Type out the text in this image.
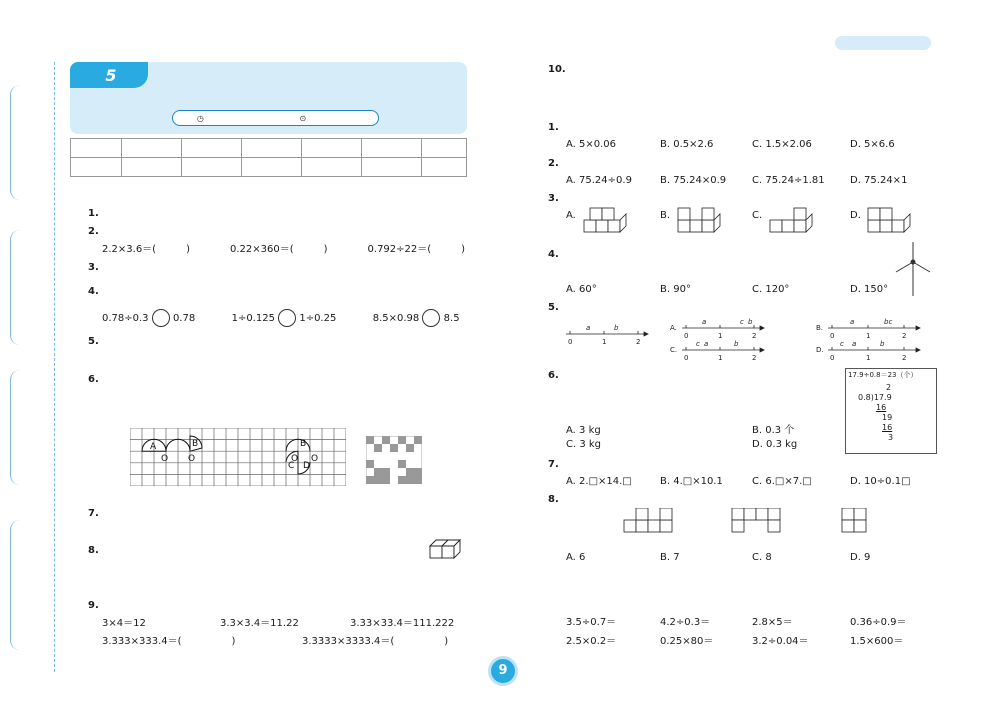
5
◷	⊙

1.
2.
2.2×3.6＝(　　　)　　　　0.22×360＝(　　　)　　　　0.792÷22＝(　　　)
3.
4.
0.78÷0.3 0.78	1÷0.125 1÷0.25	8.5×0.98 8.5
5.
6.
A
O
B
O
B
C D
O O
7.
8.
9.
3×4＝12	3.3×3.4＝11.22	3.33×33.4＝111.222
3.333×333.4＝(　　　　　)	3.3333×3333.4＝(　　　　　)
10.
1.
A. 5×0.06	B. 0.5×2.6	C. 1.5×2.06	D. 5×6.6
2.
A. 75.24÷0.9	B. 75.24×0.9	C. 75.24÷1.81	D. 75.24×1
3.
A.	B.	C.	D.
4.
A. 60°	B. 90°	C. 120°	D. 150°
5.
0	1	2
a	b	A.
0	1	2
a	c b
B.
0	1	2
a	bc
C.
0	1	2
c a	b
D.
0	1	2
c a	b
6.
A. 3 kg	B. 0.3 个
C. 3 kg	D. 0.3 kg
17.9÷0.8＝23（个）
2
0.8)17.9
16
19
16
3
7.
A. 2.□×14.□	B. 4.□×10.1	C. 6.□×7.□	D. 10÷0.1□
8.
A. 6	B. 7	C. 8	D. 9
3.5÷0.7＝	4.2÷0.3＝	2.8×5＝	0.36÷0.9＝
2.5×0.2＝	0.25×80＝	3.2÷0.04＝	1.5×600＝
9
